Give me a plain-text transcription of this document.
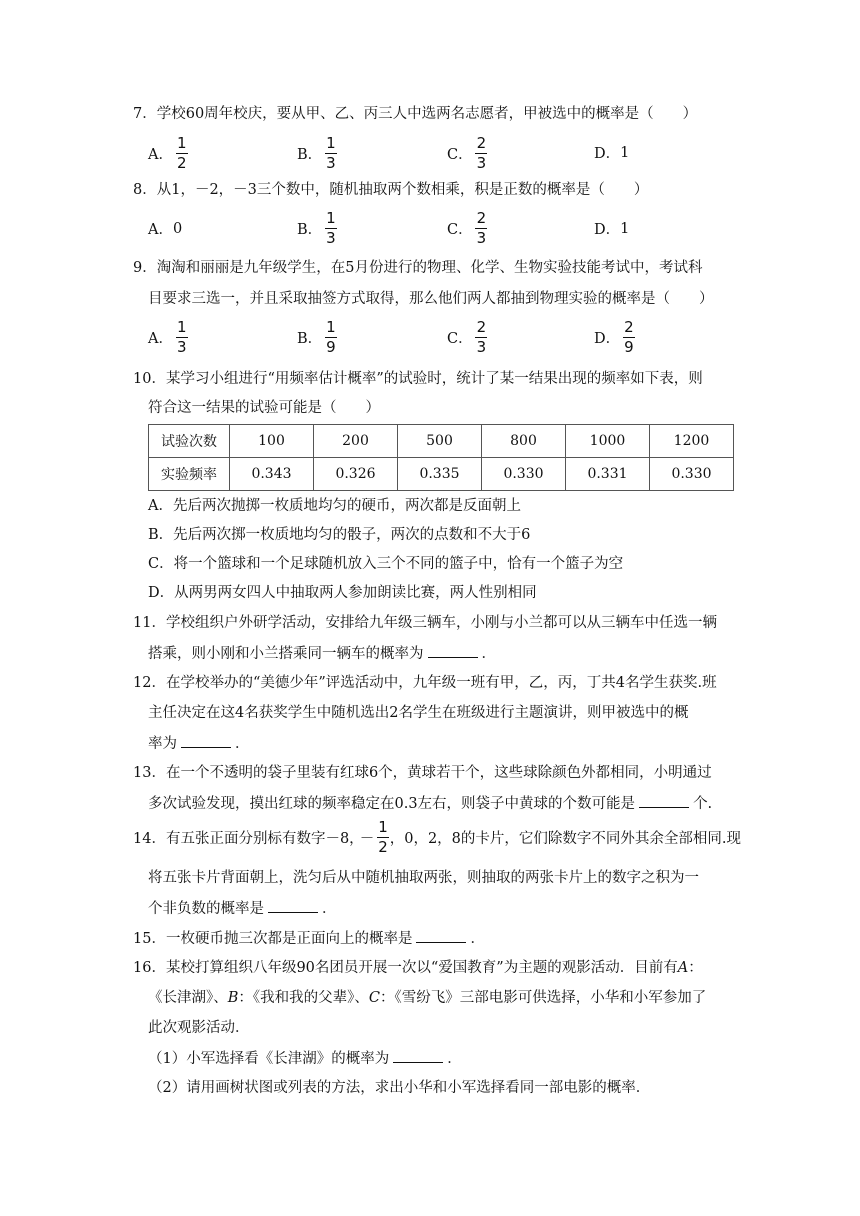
7．学校60周年校庆，要从甲、乙、丙三人中选两名志愿者，甲被选中的概率是（　　）
A． $\frac{1}{2}$	B． $\frac{1}{3}$	C． $\frac{2}{3}$	D． 1
8．从1，－2，－3三个数中，随机抽取两个数相乘，积是正数的概率是（　　）
A． 0	B． $\frac{1}{3}$	C． $\frac{2}{3}$	D． 1
9．淘淘和丽丽是九年级学生，在5月份进行的物理、化学、生物实验技能考试中，考试科
目要求三选一，并且采取抽签方式取得，那么他们两人都抽到物理实验的概率是（　　）
A． $\frac{1}{3}$	B． $\frac{1}{9}$	C． $\frac{2}{3}$	D． $\frac{2}{9}$
10．某学习小组进行“用频率估计概率”的试验时，统计了某一结果出现的频率如下表，则
符合这一结果的试验可能是（　　）
试验次数	100	200	500	800	1000	1200
实验频率	0.343	0.326	0.335	0.330	0.331	0.330
A．先后两次抛掷一枚质地均匀的硬币，两次都是反面朝上
B．先后两次掷一枚质地均匀的骰子，两次的点数和不大于6
C．将一个篮球和一个足球随机放入三个不同的篮子中，恰有一个篮子为空
D．从两男两女四人中抽取两人参加朗读比赛，两人性别相同
11．学校组织户外研学活动，安排给九年级三辆车，小刚与小兰都可以从三辆车中任选一辆
搭乘，则小刚和小兰搭乘同一辆车的概率为	．
12．在学校举办的“美德少年”评选活动中，九年级一班有甲，乙，丙，丁共4名学生获奖.班
主任决定在这4名获奖学生中随机选出2名学生在班级进行主题演讲，则甲被选中的概
率为	．
13．在一个不透明的袋子里装有红球6个，黄球若干个，这些球除颜色外都相同，小明通过
多次试验发现，摸出红球的频率稳定在0.3左右，则袋子中黄球的个数可能是	个.
14．有五张正面分别标有数字－8，
－ $\frac{1}{2}$ ，0，2，8的卡片，它们除数字不同外其余全部相同.现
将五张卡片背面朝上，洗匀后从中随机抽取两张，则抽取的两张卡片上的数字之积为一
个非负数的概率是	．
15．一枚硬币抛三次都是正面向上的概率是	．
16．某校打算组织八年级90名团员开展一次以“爱国教育”为主题的观影活动．目前有A：
《长津湖》、B：《我和我的父辈》、C：《雪纷飞》三部电影可供选择，小华和小军参加了
此次观影活动．
（1）小军选择看《长津湖》的概率为	．
（2）请用画树状图或列表的方法，求出小华和小军选择看同一部电影的概率．
